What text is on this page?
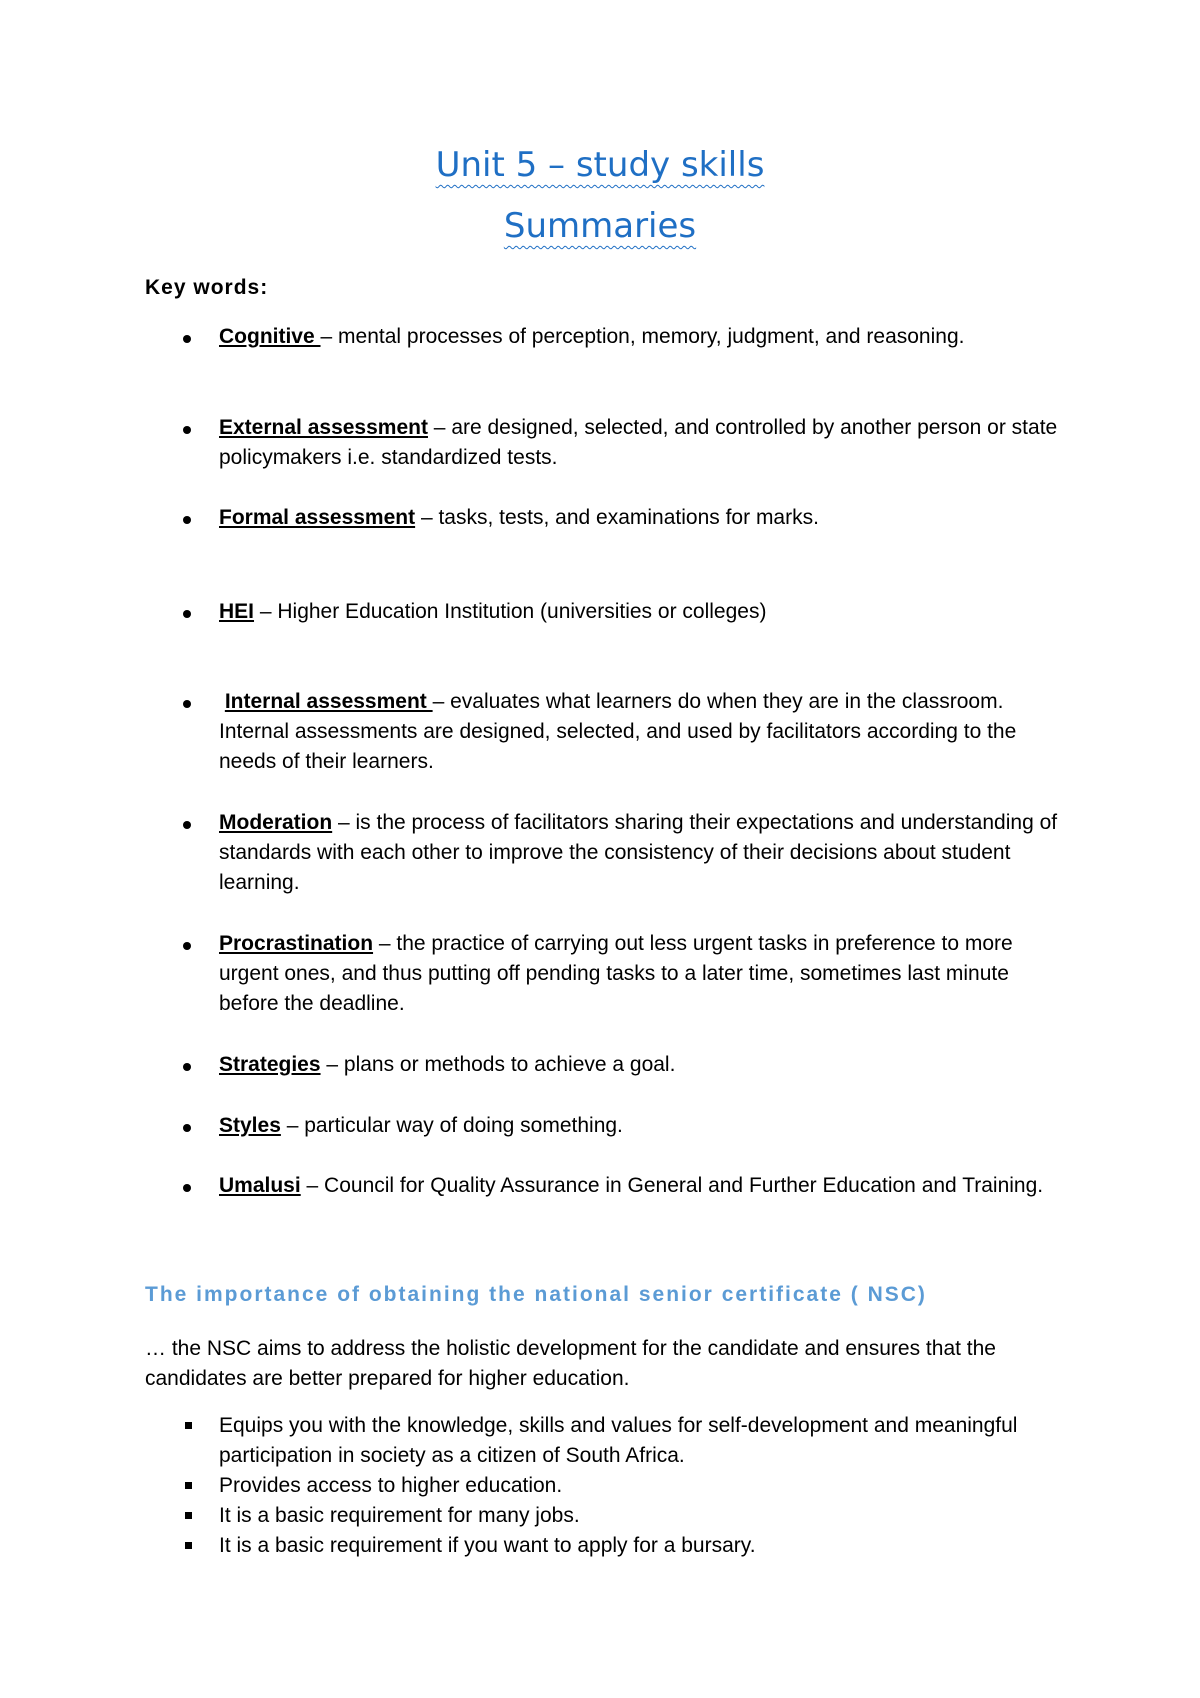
Unit 5 – study skills
Summaries
Key words:
Cognitive – mental processes of perception, memory, judgment, and reasoning.
External assessment – are designed, selected, and controlled by another person or state policymakers i.e. standardized tests.
Formal assessment – tasks, tests, and examinations for marks.
HEI – Higher Education Institution (universities or colleges)
Internal assessment – evaluates what learners do when they are in the classroom. Internal assessments are designed, selected, and used by facilitators according to the needs of their learners.
Moderation – is the process of facilitators sharing their expectations and understanding of standards with each other to improve the consistency of their decisions about student learning.
Procrastination – the practice of carrying out less urgent tasks in preference to more urgent ones, and thus putting off pending tasks to a later time, sometimes last minute before the deadline.
Strategies – plans or methods to achieve a goal.
Styles – particular way of doing something.
Umalusi – Council for Quality Assurance in General and Further Education and Training.
The importance of obtaining the national senior certificate ( NSC)
… the NSC aims to address the holistic development for the candidate and ensures that the candidates are better prepared for higher education.
Equips you with the knowledge, skills and values for self-development and meaningful participation in society as a citizen of South Africa.
Provides access to higher education.
It is a basic requirement for many jobs.
It is a basic requirement if you want to apply for a bursary.
